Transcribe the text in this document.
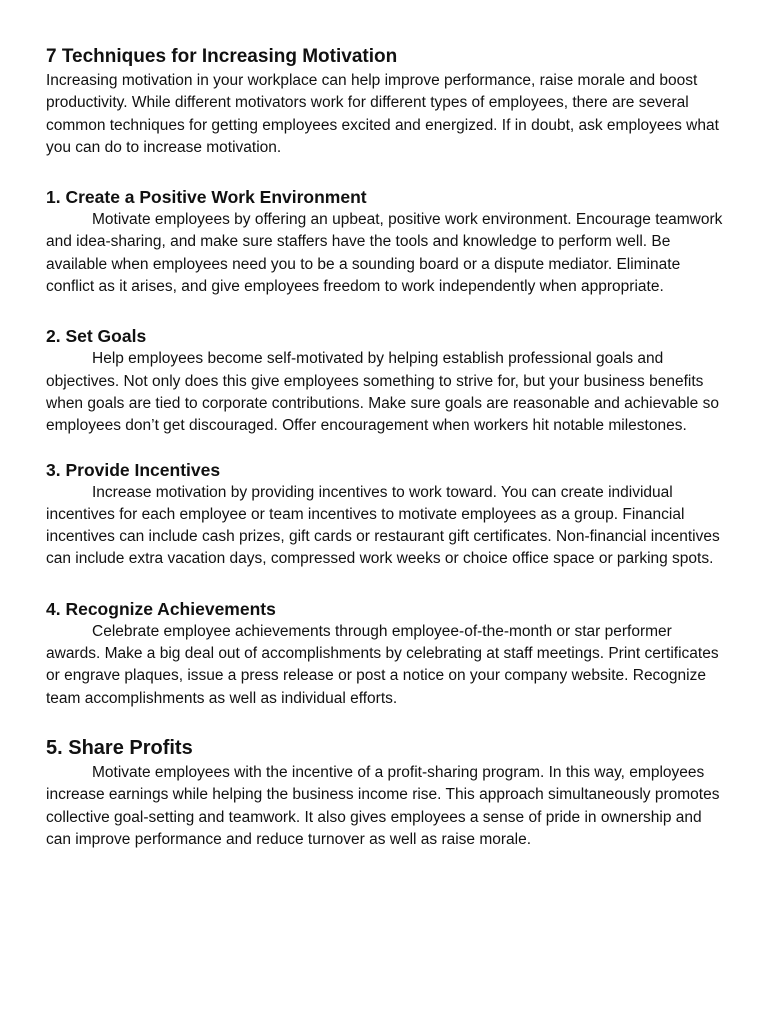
7 Techniques for Increasing Motivation

Increasing motivation in your workplace can help improve performance, raise morale and boost productivity. While different motivators work for different types of employees, there are several common techniques for getting employees excited and energized. If in doubt, ask employees what you can do to increase motivation.

1. Create a Positive Work Environment

Motivate employees by offering an upbeat, positive work environment. Encourage teamwork and idea-sharing, and make sure staffers have the tools and knowledge to perform well. Be available when employees need you to be a sounding board or a dispute mediator. Eliminate conflict as it arises, and give employees freedom to work independently when appropriate.

2. Set Goals

Help employees become self-motivated by helping establish professional goals and objectives. Not only does this give employees something to strive for, but your business benefits when goals are tied to corporate contributions. Make sure goals are reasonable and achievable so employees don’t get discouraged. Offer encouragement when workers hit notable milestones.

3. Provide Incentives

Increase motivation by providing incentives to work toward. You can create individual incentives for each employee or team incentives to motivate employees as a group. Financial incentives can include cash prizes, gift cards or restaurant gift certificates. Non-financial incentives can include extra vacation days, compressed work weeks or choice office space or parking spots.

4. Recognize Achievements

Celebrate employee achievements through employee-of-the-month or star performer awards. Make a big deal out of accomplishments by celebrating at staff meetings. Print certificates or engrave plaques, issue a press release or post a notice on your company website. Recognize team accomplishments as well as individual efforts.

5. Share Profits

Motivate employees with the incentive of a profit-sharing program. In this way, employees increase earnings while helping the business income rise. This approach simultaneously promotes collective goal-setting and teamwork. It also gives employees a sense of pride in ownership and can improve performance and reduce turnover as well as raise morale.
